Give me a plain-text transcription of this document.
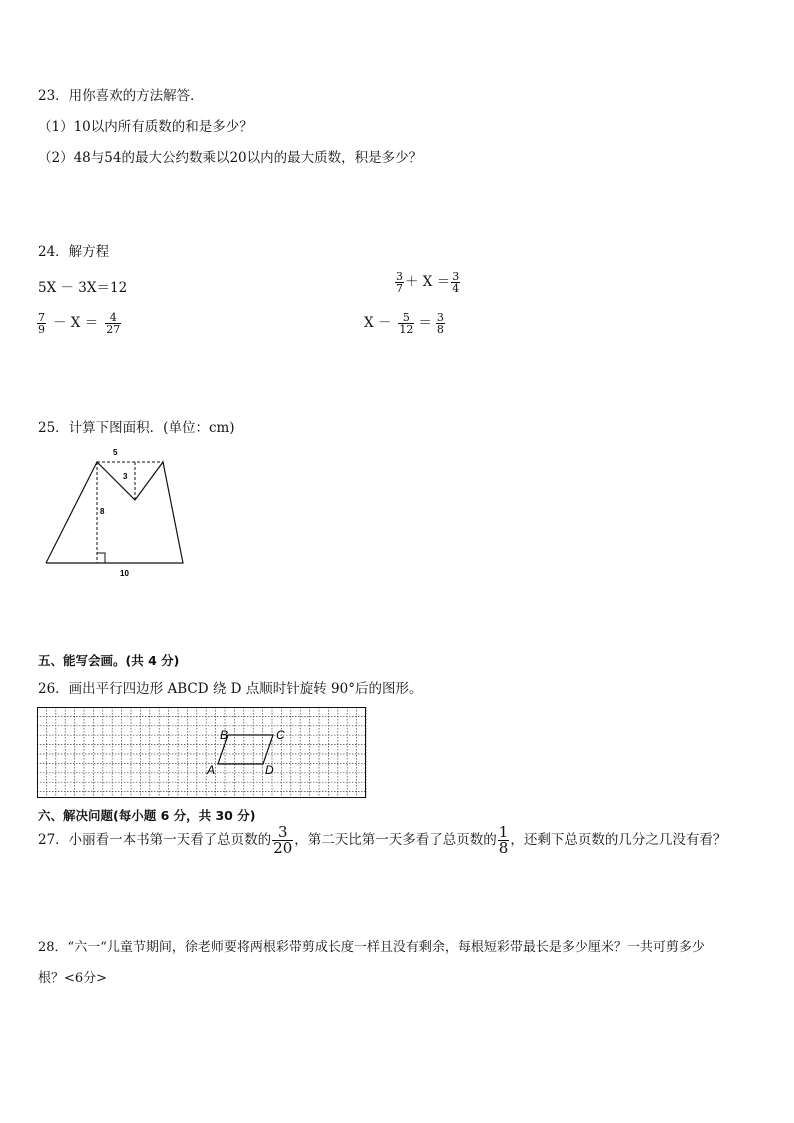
23．用你喜欢的方法解答．
（1）10以内所有质数的和是多少？
（2）48与54的最大公约数乘以20以内的最大质数，积是多少？
24．解方程
5X － 3X＝12	$\frac{3}{7} + X = \frac{3}{4}$
$\frac{7}{9} - X = \frac{4}{27}$	$X - \frac{5}{12} = \frac{3}{8}$
25．计算下图面积．(单位：cm)
5
3
8
10
五、能写会画。(共 4 分)
26．画出平行四边形 ABCD 绕 D 点顺时针旋转 90°后的图形。
B	C
A	D
六、解决问题(每小题 6 分，共 30 分)
27．小丽看一本书第一天看了总页数的 $\frac{3}{20}$ ，第二天比第一天多看了总页数的 $\frac{1}{8}$ ，还剩下总页数的几分之几没有看？
28．“六一“儿童节期间，徐老师要将两根彩带剪成长度一样且没有剩余，每根短彩带最长是多少厘米？一共可剪多少
根？<6分>
